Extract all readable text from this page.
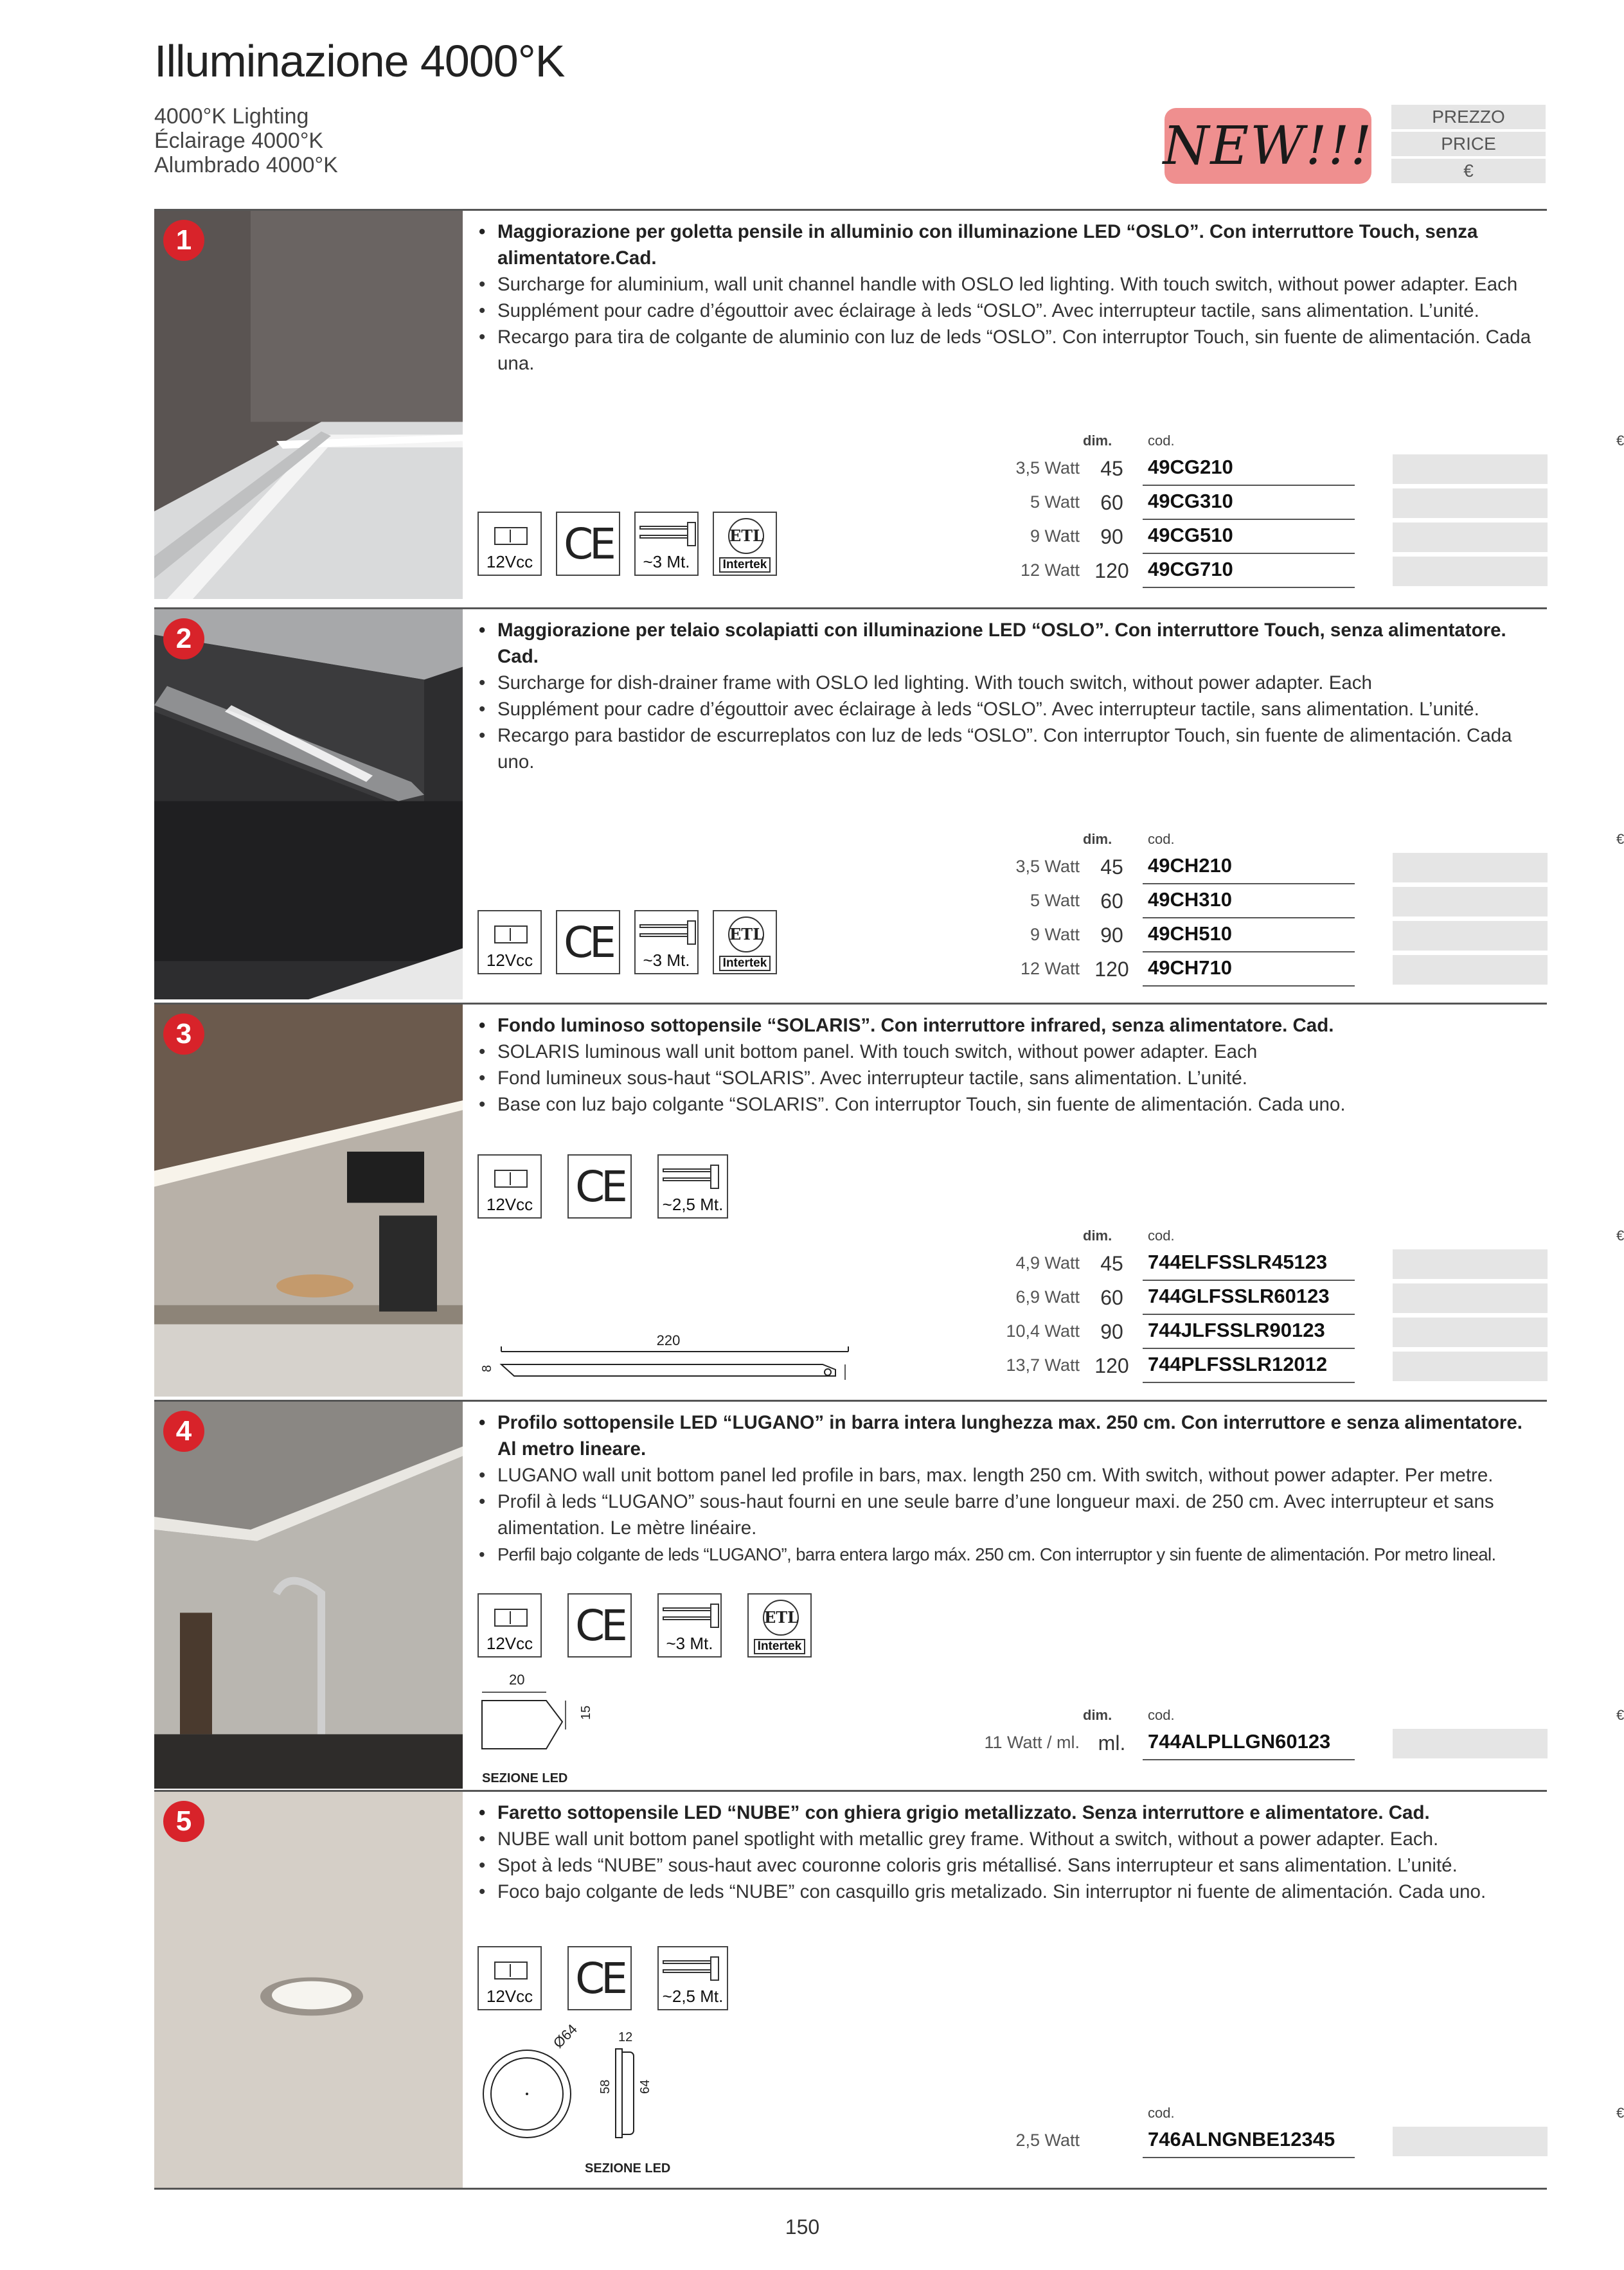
Illuminazione 4000°K
4000°K Lighting
Éclairage 4000°K
Alumbrado 4000°K	NEW!!!	PREZZO
PRICE
€
1	• Maggiorazione per goletta pensile in alluminio con illuminazione LED “OSLO”. Con interruttore Touch, senza alimentatore.Cad.
• Surcharge for aluminium, wall unit channel handle with OSLO led lighting. With touch switch, without power adapter. Each
• Supplément pour cadre d’égouttoir avec éclairage à leds “OSLO”. Avec interrupteur tactile, sans alimentation. L’unité.
• Recargo para tira de colgante de aluminio con luz de leds “OSLO”. Con interruptor Touch, sin fuente de alimentación. Cada una.
12Vcc CE	~3 Mt.
ETL
Intertek
dim.	cod.	€
3,5 Watt	45	49CG210
5 Watt	60	49CG310
9 Watt	90	49CG510
12 Watt 120 49CG710
2	• Maggiorazione per telaio scolapiatti con illuminazione LED “OSLO”. Con interruttore Touch, senza alimentatore. Cad.
• Surcharge for dish-drainer frame with OSLO led lighting. With touch switch, without power adapter. Each
• Supplément pour cadre d’égouttoir avec éclairage à leds “OSLO”. Avec interrupteur tactile, sans alimentation. L’unité.
• Recargo para bastidor de escurreplatos con luz de leds “OSLO”. Con interruptor Touch, sin fuente de alimentación. Cada uno.
12Vcc CE	~3 Mt.
ETL
Intertek
dim.	cod.	€
3,5 Watt	45	49CH210
5 Watt	60	49CH310
9 Watt	90	49CH510
12 Watt 120 49CH710
3	• Fondo luminoso sottopensile “SOLARIS”. Con interruttore infrared, senza alimentatore. Cad.
• SOLARIS luminous wall unit bottom panel. With touch switch, without power adapter. Each
• Fond lumineux sous-haut “SOLARIS”. Avec interrupteur tactile, sans alimentation. L’unité.
• Base con luz bajo colgante “SOLARIS”. Con interruptor Touch, sin fuente de alimentación. Cada uno.
12Vcc CE	~2,5 Mt.
220
8
dim.	cod.	€
4,9 Watt	45	744ELFSSLR45123
6,9 Watt	60	744GLFSSLR60123
10,4 Watt	90	744JLFSSLR90123
13,7 Watt 120 744PLFSSLR12012
4	• Profilo sottopensile LED “LUGANO” in barra intera lunghezza max. 250 cm. Con interruttore e senza alimentatore. Al metro lineare.
• LUGANO wall unit bottom panel led profile in bars, max. length 250 cm. With switch, without power adapter. Per metre.
• Profil à leds “LUGANO” sous-haut fourni en une seule barre d’une longueur maxi. de 250 cm. Avec interrupteur et sans alimentation. Le mètre linéaire.
• Perfil bajo colgante de leds “LUGANO”, barra entera largo máx. 250 cm. Con interruptor y sin fuente de alimentación. Por metro lineal.
12Vcc CE	~3 Mt.
ETL
Intertek
20
15
SEZIONE LED
dim.	cod.	€
11 Watt / ml. ml.	744ALPLLGN60123
5	• Faretto sottopensile LED “NUBE” con ghiera grigio metallizzato. Senza interruttore e alimentatore. Cad.
• NUBE wall unit bottom panel spotlight with metallic grey frame. Without a switch, without a power adapter. Each.
• Spot à leds “NUBE” sous-haut avec couronne coloris gris métallisé. Sans interrupteur et sans alimentation. L’unité.
• Foco bajo colgante de leds “NUBE” con casquillo gris metalizado. Sin interruptor ni fuente de alimentación. Cada uno.
12Vcc CE	~2,5 Mt.
Ø64	12
58 64
SEZIONE LED
cod.	€
2,5 Watt	746ALNGNBE12345
150
